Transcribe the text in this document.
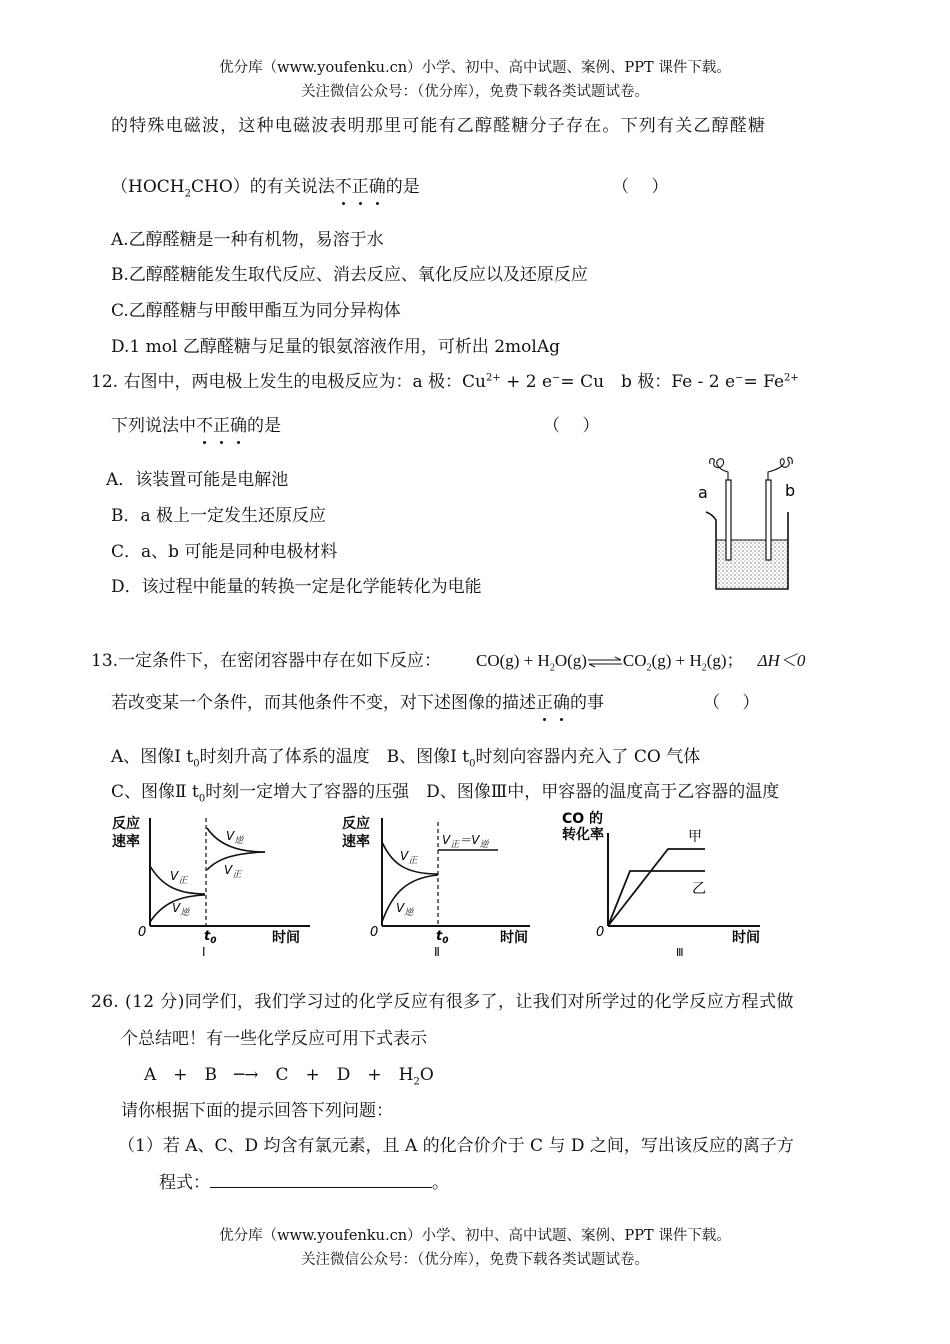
优分库（www.youfenku.cn）小学、初中、高中试题、案例、PPT 课件下载。
关注微信公众号：（优分库），免费下载各类试题试卷。
的特殊电磁波，这种电磁波表明那里可能有乙醇醛糖分子存在。下列有关乙醇醛糖
$(HOCH_2CHO)$的有关说法不正确的是	（　 ）
A.乙醇醛糖是一种有机物，易溶于水
B.乙醇醛糖能发生取代反应、消去反应、氧化反应以及还原反应
C.乙醇醛糖与甲酸甲酯互为同分异构体
D.1 mol 乙醇醛糖与足量的银氨溶液作用，可析出 2molAg
12. 右图中，两电极上发生的电极反应为：a 极：$Cu^{2+} + 2$ e−= Cu　b 极：Fe - 2 $e^-= Fe^{2+}$
下列说法中不正确的是	（　 ）
A．该装置可能是电解池
B．a 极上一定发生还原反应
C．a、b 可能是同种电极材料
D．该过程中能量的转换一定是化学能转化为电能
a	b
13.一定条件下，在密闭容器中存在如下反应： $CO(g) + H_2O(g)\rightleftharpoons CO_2(g) + H_2(g)$； ΔH＜0
若改变某一个条件，而其他条件不变，对下述图像的描述正确的事	（　 ）
A、图像Ⅰ $t_0$时刻升高了体系的温度　B、图像Ⅰ $t_0$时刻向容器内充入了 CO 气体
C、图像Ⅱ $t_0$时刻一定增大了容器的压强　D、图像Ⅲ中，甲容器的温度高于乙容器的温度
反应
速率	$V_逆$
$V_正$
$V_正$
$V_逆$
0	$t_0$	时间
Ⅰ
反应
速率	$V_正=V_逆$
$V_正$
$V_逆$
0	$t_0$	时间
Ⅱ
CO 的
转化率	甲
乙
0	时间
Ⅲ
26. (12 分)同学们，我们学习过的化学反应有很多了，让我们对所学过的化学反应方程式做
个总结吧！有一些化学反应可用下式表示
A　+　B　─→　C　+　D　+　$H_2O$
请你根据下面的提示回答下列问题：
（1）若 A、C、D 均含有氯元素，且 A 的化合价介于 C 与 D 之间，写出该反应的离子方
程式：	。
优分库（www.youfenku.cn）小学、初中、高中试题、案例、PPT 课件下载。
关注微信公众号：（优分库），免费下载各类试题试卷。
